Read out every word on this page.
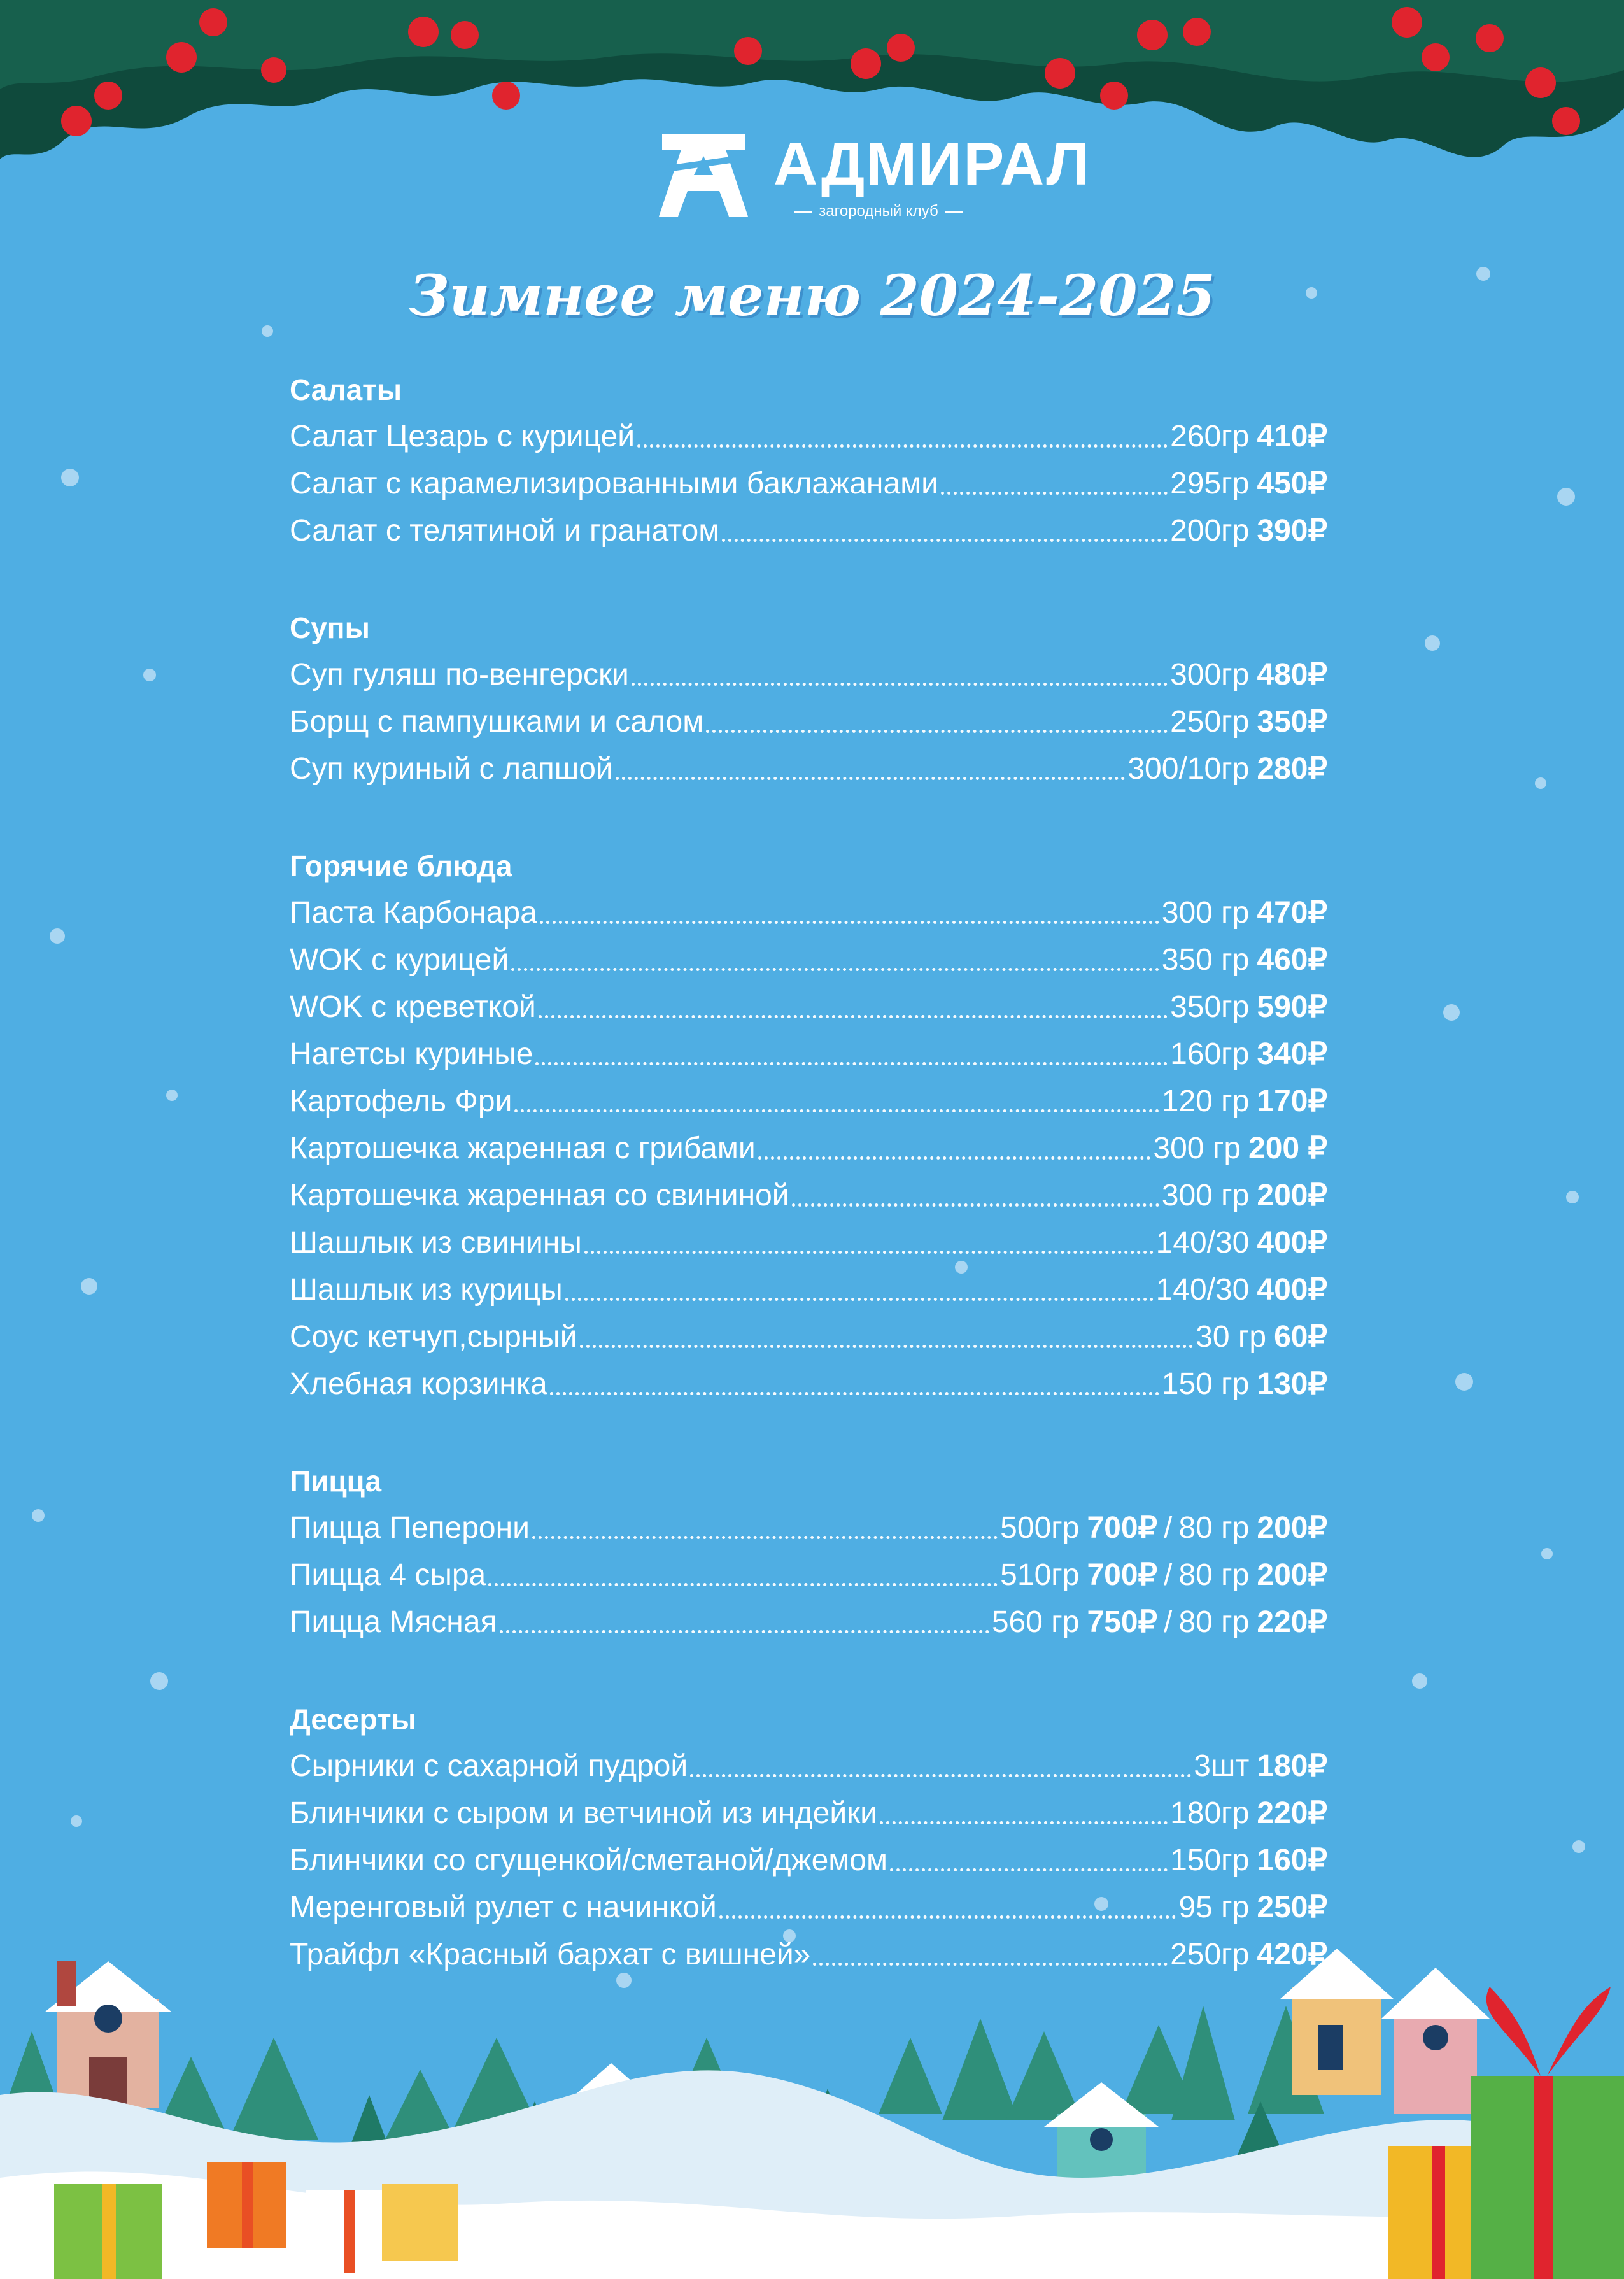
АДМИРАЛ
загородный клуб
Зимнее меню 2024-2025
Салаты
Салат Цезарь с курицей	260гр 410₽
Салат с карамелизированными баклажанами	295гр 450₽
Салат с телятиной и гранатом	200гр 390₽
Супы
Суп гуляш по-венгерски	300гр 480₽
Борщ с пампушками и салом	250гр 350₽
Суп куриный с лапшой	300/10гр 280₽
Горячие блюда
Паста Карбонара	300 гр 470₽
WOK с курицей	350 гр 460₽
WOK с креветкой	350гр 590₽
Нагетсы куриные	160гр 340₽
Картофель Фри	120 гр 170₽
Картошечка жаренная с грибами	300 гр 200 ₽
Картошечка жаренная со свининой	300 гр 200₽
Шашлык из свинины	140/30 400₽
Шашлык из курицы	140/30 400₽
Соус кетчуп,сырный	30 гр 60₽
Хлебная корзинка	150 гр 130₽
Пицца
Пицца Пеперони	500гр 700₽ / 80 гр 200₽
Пицца 4 сыра	510гр 700₽ / 80 гр 200₽
Пицца Мясная	560 гр 750₽ / 80 гр 220₽
Десерты
Сырники с сахарной пудрой	3шт 180₽
Блинчики с сыром и ветчиной из индейки	180гр 220₽
Блинчики со сгущенкой/сметаной/джемом	150гр 160₽
Меренговый рулет с начинкой	95 гр 250₽
Трайфл «Красный бархат с вишней»	250гр 420₽
